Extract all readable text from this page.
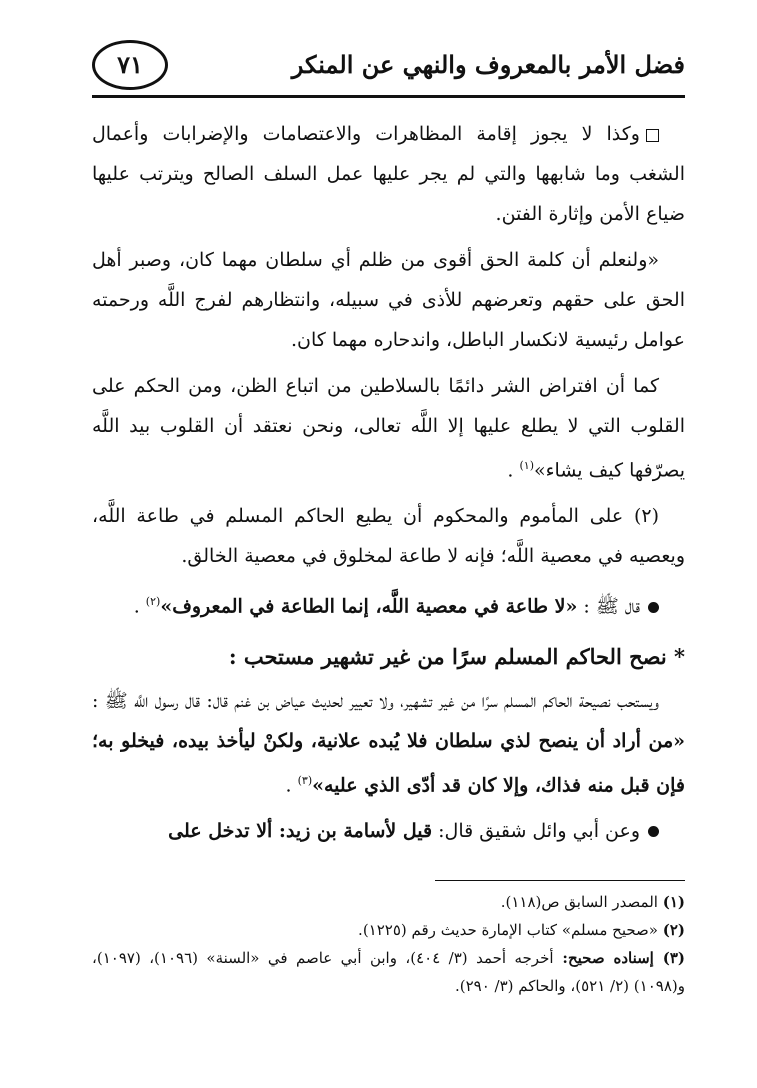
فضل الأمر بالمعروف والنهي عن المنكر
٧١

وكذا لا يجوز إقامة المظاهرات والاعتصامات والإضرابات وأعمال الشغب وما شابهها والتي لم يجر عليها عمل السلف الصالح ويترتب عليها ضياع الأمن وإثارة الفتن.

«ولنعلم أن كلمة الحق أقوى من ظلم أي سلطان مهما كان، وصبر أهل الحق على حقهم وتعرضهم للأذى في سبيله، وانتظارهم لفرج اللَّه ورحمته عوامل رئيسية لانكسار الباطل، واندحاره مهما كان.

كما أن افتراض الشر دائمًا بالسلاطين من اتباع الظن، ومن الحكم على القلوب التي لا يطلع عليها إلا اللَّه تعالى، ونحن نعتقد أن القلوب بيد اللَّه يصرّفها كيف يشاء»$^{(١)}$ .

(٢) على المأموم والمحكوم أن يطيع الحاكم المسلم في طاعة اللَّه، ويعصيه في معصية اللَّه؛ فإنه لا طاعة لمخلوق في معصية الخالق.

قال ﷺ : «لا طاعة في معصية اللَّه، إنما الطاعة في المعروف»$^{(٢)}$ .

* نصح الحاكم المسلم سرًا من غير تشهير مستحب :

ويستحب نصيحة الحاكم المسلم سرًا من غير تشهير، ولا تعيير لحديث عياض بن غنم قال: قال رسول اللَّه ﷺ : «من أراد أن ينصح لذي سلطان فلا يُبده علانية، ولكنْ ليأخذ بيده، فيخلو به؛ فإن قبل منه فذاك، وإلا كان قد أدّى الذي عليه»$^{(٣)}$ .

وعن أبي وائل شقيق قال: قيل لأسامة بن زيد: ألا تدخل على

(١) المصدر السابق ص(١١٨).

(٢) «صحيح مسلم» كتاب الإمارة حديث رقم (١٢٢٥).

(٣) إسناده صحيح: أخرجه أحمد (٣/ ٤٠٤)، وابن أبي عاصم في «السنة» (١٠٩٦)، (١٠٩٧)، و(١٠٩٨) (٢/ ٥٢١)، والحاكم (٣/ ٢٩٠).
